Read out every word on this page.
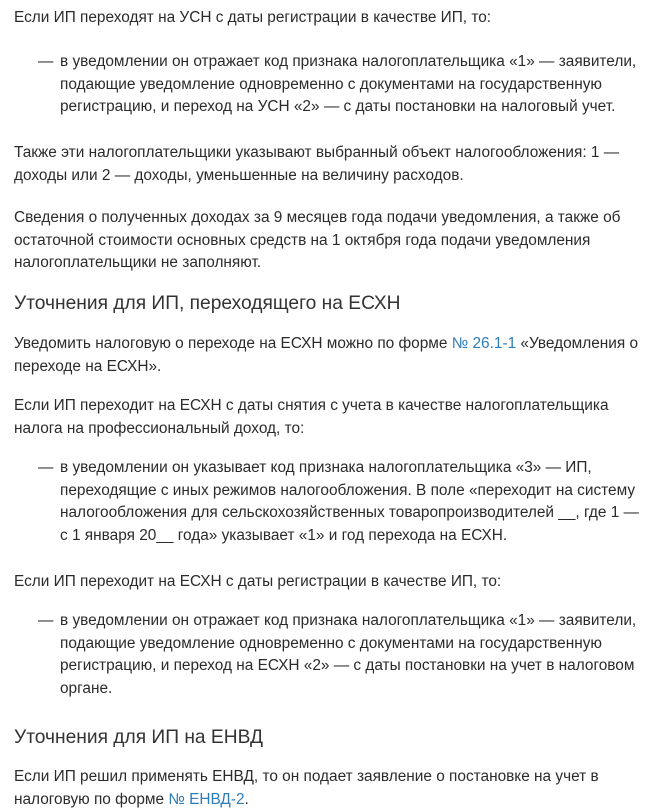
Если ИП переходят на УСН с даты регистрации в качестве ИП, то:

— в уведомлении он отражает код признака налогоплательщика «1» — заявители, подающие уведомление одновременно с документами на государственную регистрацию, и переход на УСН «2» — с даты постановки на налоговый учет.

Также эти налогоплательщики указывают выбранный объект налогообложения: 1 — доходы или 2 — доходы, уменьшенные на величину расходов.

Сведения о полученных доходах за 9 месяцев года подачи уведомления, а также об остаточной стоимости основных средств на 1 октября года подачи уведомления налогоплательщики не заполняют.

Уточнения для ИП, переходящего на ЕСХН

Уведомить налоговую о переходе на ЕСХН можно по форме № 26.1-1 «Уведомления о переходе на ЕСХН».

Если ИП переходит на ЕСХН с даты снятия с учета в качестве налогоплательщика налога на профессиональный доход, то:

— в уведомлении он указывает код признака налогоплательщика «3» — ИП, переходящие с иных режимов налогообложения. В поле «переходит на систему налогообложения для сельскохозяйственных товаропроизводителей __, где 1 — с 1 января 20__ года» указывает «1» и год перехода на ЕСХН.

Если ИП переходит на ЕСХН с даты регистрации в качестве ИП, то:

— в уведомлении он отражает код признака налогоплательщика «1» — заявители, подающие уведомление одновременно с документами на государственную регистрацию, и переход на ЕСХН «2» — с даты постановки на учет в налоговом органе.
Уточнения для ИП на ЕНВД

Если ИП решил применять ЕНВД, то он подает заявление о постановке на учет в налоговую по форме № ЕНВД-2.
